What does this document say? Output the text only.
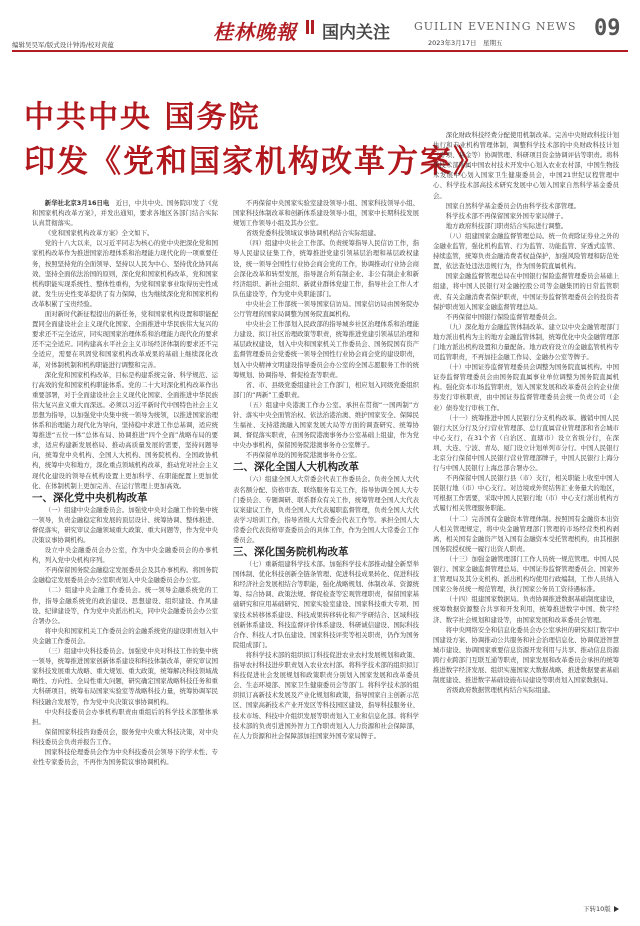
编辑吴昊军/版式设计钟涛/校对黄蕴
桂林晚報 国内关注 GUILIN EVENING NEWS
2023年3月17日　星期五
09
中共中央 国务院
印发《党和国家机构改革方案》

新华社北京3月16日电　 近日，中共中央、国务院印发了《党和国家机构改革方案》，并发出通知，要求各地区各部门结合实际认真贯彻落实。

《党和国家机构改革方案》全文如下。

党的十八大以来，以习近平同志为核心的党中央把深化党和国家机构改革作为推进国家治理体系和治理能力现代化的一项重要任务，按照坚持党的全面领导、坚持以人民为中心、坚持优化协同高效、坚持全面依法治国的原则，深化党和国家机构改革，党和国家机构职能实现系统性、整体性重构，为党和国家事业取得历史性成就、发生历史性变革提供了有力保障，也为继续深化党和国家机构改革积累了宝贵经验。

面对新时代新征程提出的新任务，党和国家机构设置和职能配置同全面建设社会主义现代化国家、全面推进中华民族伟大复兴的要求还不完全适应，同实现国家治理体系和治理能力现代化的要求还不完全适应。同构建高水平社会主义市场经济体制的要求还不完全适应，需要在巩固党和国家机构改革成果的基础上继续深化改革，对体制机制和机构职能进行调整和完善。

深化党和国家机构改革，目标是构建系统完备、科学规范、运行高效的党和国家机构职能体系。党的二十大对深化机构改革作出重要部署，对于全面建设社会主义现代化国家、全面推进中华民族伟大复兴意义重大而深远。必须以习近平新时代中国特色社会主义思想为指导，以加强党中央集中统一领导为统领，以推进国家治理体系和治理能力现代化为导向，坚持稳中求进工作总基调，适应统筹推进“五位一体”总体布局、协调推进“四个全面”战略布局的要求，适应构建新发展格局、推动高质量发展的需要，坚持问题导向，统筹党中央机构、全国人大机构、国务院机构、全国政协机构，统筹中央和地方，深化重点领域机构改革，推动党对社会主义现代化建设的领导在机构设置上更加科学、在职能配置上更加优化、在体制机制上更加完善、在运行管理上更加高效。

一、深化党中央机构改革

（一）组建中央金融委员会。加强党中央对金融工作的集中统一领导，负责金融稳定和发展的顶层设计、统筹协调、整体推进、督促落实，研究审议金融领域重大政策、重大问题等，作为党中央决策议事协调机构。

设立中央金融委员会办公室，作为中央金融委员会的办事机构，列入党中央机构序列。

不再保留国务院金融稳定发展委员会及其办事机构。将国务院金融稳定发展委员会办公室职责划入中央金融委员会办公室。

（二）组建中央金融工作委员会。统一领导金融系统党的工作，指导金融系统党的政治建设、思想建设、组织建设、作风建设、纪律建设等，作为党中央派出机关，同中央金融委员会办公室合署办公。

将中央和国家机关工作委员会的金融系统党的建设职责划入中央金融工作委员会。

（三）组建中央科技委员会。加强党中央对科技工作的集中统一领导，统筹推进国家创新体系建设和科技体制改革，研究审议国家科技发展重大战略、重大规划、重大政策，统筹解决科技领域战略性、方向性、全局性重大问题，研究确定国家战略科技任务和重大科研项目，统筹布局国家实验室等战略科技力量，统筹协调军民科技融合发展等，作为党中央决策议事协调机构。

中央科技委员会办事机构职责由重组后的科学技术部整体承担。

保留国家科技咨询委员会，服务党中央重大科技决策，对中央科技委员会负责并报告工作。

国家科技伦理委员会作为中央科技委员会领导下的学术性、专业性专家委员会，不再作为国务院议事协调机构。

不再保留中央国家实验室建设领导小组、国家科技领导小组、国家科技体制改革和创新体系建设领导小组，国家中长期科技发展规划工作领导小组及其办公室。

省级党委科技领域议事协调机构结合实际组建。

（四）组建中央社会工作部。负责统筹指导人民信访工作，指导人民建议征集工作，统筹推进党建引领基层治理和基层政权建设，统一领导全国性行业协会商会党的工作，协调推动行业协会商会深化改革和转型发展，指导混合所有制企业、非公有制企业和新经济组织、新社会组织、新就业群体党建工作，指导社会工作人才队伍建设等，作为党中央职能部门。

中央社会工作部统一领导国家信访局。国家信访局由国务院办公厅管理的国家局调整为国务院直属机构。

中央社会工作部划入民政部的指导城乡社区治理体系和治理能力建设、拟订社区治理政策等职责，统筹推进党建引领基层治理和基层政权建设，划入中央和国家机关工作委员会、国务院国有资产监督管理委员会党委统一领导全国性行业协会商会党的建设职责，划入中央精神文明建设指导委员会办公室的全国志愿服务工作的统筹规划、协调指导、督促检查等职责。

省、市、县级党委组建社会工作部门，相应划入同级党委组织部门的“两新”工委职责。

（五）组建中央港澳工作办公室。承担在贯彻“一国两制”方针、落实中央全面管治权、依法治港治澳、维护国家安全、保障民生福祉、支持港澳融入国家发展大局等方面的调查研究、统筹协调、督促落实职责，在国务院港澳事务办公室基础上组建，作为党中央办事机构，保留国务院港澳事务办公室牌子。

不再保留单设的国务院港澳事务办公室。

二、深化全国人大机构改革

（六）组建全国人大常委会代表工作委员会。负责全国人大代表名额分配、资格审查、联络服务有关工作，指导协调全国人大专门委员会、专题调研、联系群众有关工作，统筹管理全国人大代表议案建议工作，负责全国人大代表履职监督管理，负责全国人大代表学习培训工作，指导省级人大常委会代表工作等。承担全国人大常委会代表资格审查委员会的具体工作，作为全国人大常委会工作委员会。

三、深化国务院机构改革

（七）重新组建科学技术部。加强科学技术部推动健全新型举国体制、优化科技创新全链条管理、促进科技成果转化、促进科技和经济社会发展相结合等职能，强化战略规划、体制改革、资源统筹、综合协调、政策法规、督促检查等宏观管理职责，保留国家基础研究和应用基础研究、国家实验室建设、国家科技重大专项、国家技术转移体系建设、科技成果转移转化和产学研结合、区域科技创新体系建设、科技监督评价体系建设、科研诚信建设、国际科技合作、科技人才队伍建设、国家科技评奖等相关职责，仍作为国务院组成部门。

将科学技术部的组织拟订科技促进农业农村发展规划和政策、指导农村科技进步职责划入农业农村部。将科学技术部的组织拟订科技促进社会发展规划和政策职责分别划入国家发展和改革委员会、生态环境部、国家卫生健康委员会等部门。将科学技术部的组织拟订高新技术发展及产业化规划和政策，指导国家自主创新示范区、国家高新技术产业开发区等科技园区建设，指导科技服务业、技术市场、科技中介组织发展等职责划入工业和信息化部。将科学技术部的负责引进国外智力工作职责划入人力资源和社会保障部，在人力资源和社会保障部加挂国家外国专家局牌子。

深化财政科技经费分配使用机制改革。完善中央财政科技计划执行和专业机构管理体制，调整科学技术部的中央财政科技计划（专项、基金等）协调管理、科研项目资金协调评估等职责。将科学技术部所属中国农村技术开发中心划入农业农村部，中国生物技术发展中心划入国家卫生健康委员会，中国21世纪议程管理中心、科学技术部高技术研究发展中心划入国家自然科学基金委员会。

国家自然科学基金委员会仍由科学技术部管理。

科学技术部不再保留国家外国专家局牌子。

地方政府科技部门职责结合实际进行调整。

（八）组建国家金融监督管理总局。统一负责除证券业之外的金融业监管，强化机构监管、行为监管、功能监管、穿透式监管、持续监管，统筹负责金融消费者权益保护，加强风险管理和防范处置，依法查处违法违规行为，作为国务院直属机构。

国家金融监督管理总局在中国银行保险监督管理委员会基础上组建，将中国人民银行对金融控股公司等金融集团的日常监管职责、有关金融消费者保护职责，中国证券监督管理委员会的投资者保护职责划入国家金融监督管理总局。

不再保留中国银行保险监督管理委员会。

（九）深化地方金融监管体制改革。建立以中央金融管理部门地方派出机构为主的地方金融监管体制，统筹优化中央金融管理部门地方派出机构设置和力量配备。地方政府设立的金融监管机构专司监管职责，不再加挂金融工作局、金融办公室等牌子。

（十）中国证券监督管理委员会调整为国务院直属机构。中国证券监督管理委员会由国务院直属事业单位调整为国务院直属机构。强化资本市场监管职责，划入国家发展和改革委员会的企业债券发行审核职责，由中国证券监督管理委员会统一负责公司（企业）债券发行审核工作。

（十一）统筹推进中国人民银行分支机构改革。撤销中国人民银行大区分行及分行营业管理部、总行直属营业管理部和省会城市中心支行，在31个省（自治区、直辖市）设立省级分行，在深圳、大连、宁波、青岛、厦门设立计划单列市分行。中国人民银行北京分行保留中国人民银行营业管理部牌子，中国人民银行上海分行与中国人民银行上海总部合署办公。

不再保留中国人民银行县（市）支行，相关职能上收至中国人民银行地（市）中心支行。对边境或外贸结售汇业务量大的地区，可根据工作需要，采取中国人民银行地（市）中心支行派出机构方式履行相关管理服务职能。

（十二）完善国有金融资本管理体制。按照国有金融资本出资人相关管理规定，将中央金融管理部门管理的市场经营类机构剥离，相关国有金融资产划入国有金融资本受托管理机构，由其根据国务院授权统一履行出资人职责。

（十三）加强金融管理部门工作人员统一规范管理。中国人民银行、国家金融监督管理总局、中国证券监督管理委员会、国家外汇管理局及其分支机构、派出机构均使用行政编制，工作人员纳入国家公务员统一规范管理，执行国家公务员工资待遇标准。

（十四）组建国家数据局。负责协调推进数据基础制度建设，统筹数据资源整合共享和开发利用，统筹推进数字中国、数字经济、数字社会规划和建设等，由国家发展和改革委员会管理。

将中央网络安全和信息化委员会办公室承担的研究拟订数字中国建设方案、协调推动公共服务和社会治理信息化、协调促进智慧城市建设、协调国家重要信息资源开发利用与共享、推动信息资源跨行业跨部门互联互通等职责，国家发展和改革委员会承担的统筹推进数字经济发展、组织实施国家大数据战略、推进数据要素基础制度建设、推进数字基础设施布局建设等职责划入国家数据局。

省级政府数据管理机构结合实际组建。

下转10版
